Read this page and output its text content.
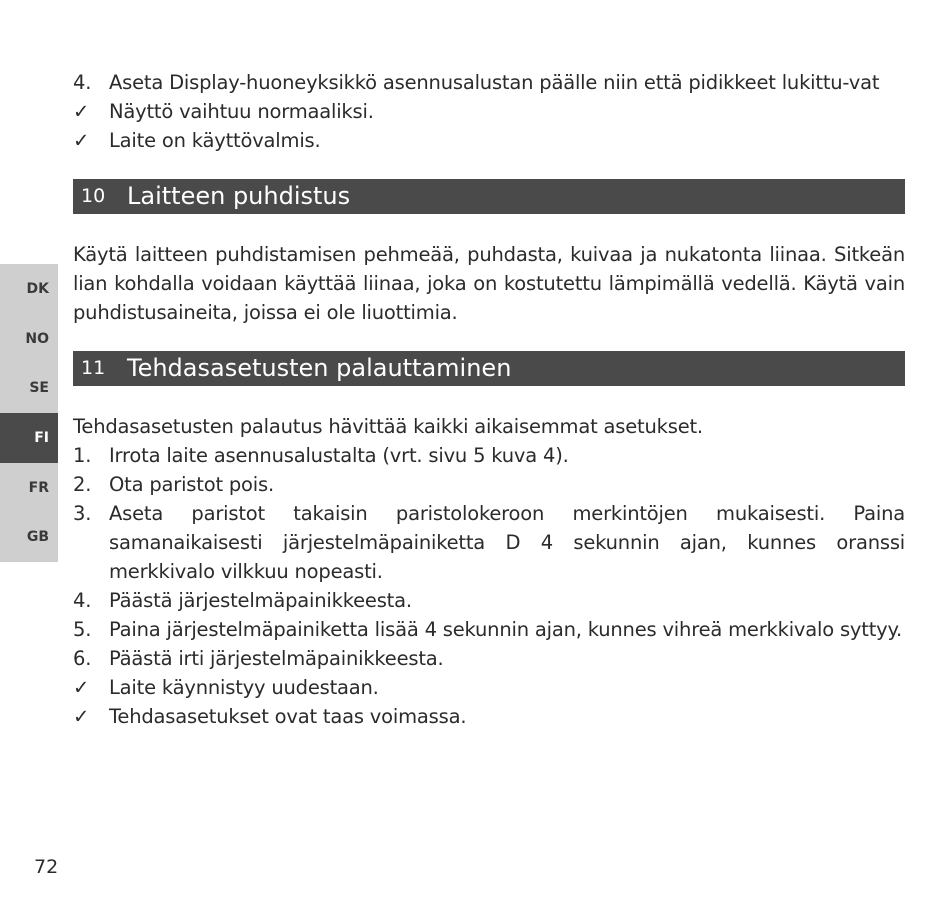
4. Aseta Display-huoneyksikkö asennusalustan päälle niin että pidikkeet lukittu-vat
✓	Näyttö vaihtuu normaaliksi.
✓	Laite on käyttövalmis.
10 Laitteen puhdistus
Käytä laitteen puhdistamisen pehmeää, puhdasta, kuivaa ja nukatonta liinaa. Sitkeän lian kohdalla voidaan käyttää liinaa, joka on kostutettu lämpimällä vedellä. Käytä vain puhdistusaineita, joissa ei ole liuottimia.
11 Tehdasasetusten palauttaminen
Tehdasasetusten palautus hävittää kaikki aikaisemmat asetukset.
1. Irrota laite asennusalustalta (vrt. sivu 5 kuva 4).
2. Ota paristot pois.
3. Aseta paristot takaisin paristolokeroon merkintöjen mukaisesti. Paina samanaikaisesti järjestelmäpainiketta D 4 sekunnin ajan, kunnes oranssi merkkivalo vilkkuu nopeasti.
4. Päästä järjestelmäpainikkeesta.
5. Paina järjestelmäpainiketta lisää 4 sekunnin ajan, kunnes vihreä merkkivalo syttyy.
6. Päästä irti järjestelmäpainikkeesta.
✓	Laite käynnistyy uudestaan.
✓	Tehdasasetukset ovat taas voimassa.
DK
NO
SE
FI
FR
GB
72
